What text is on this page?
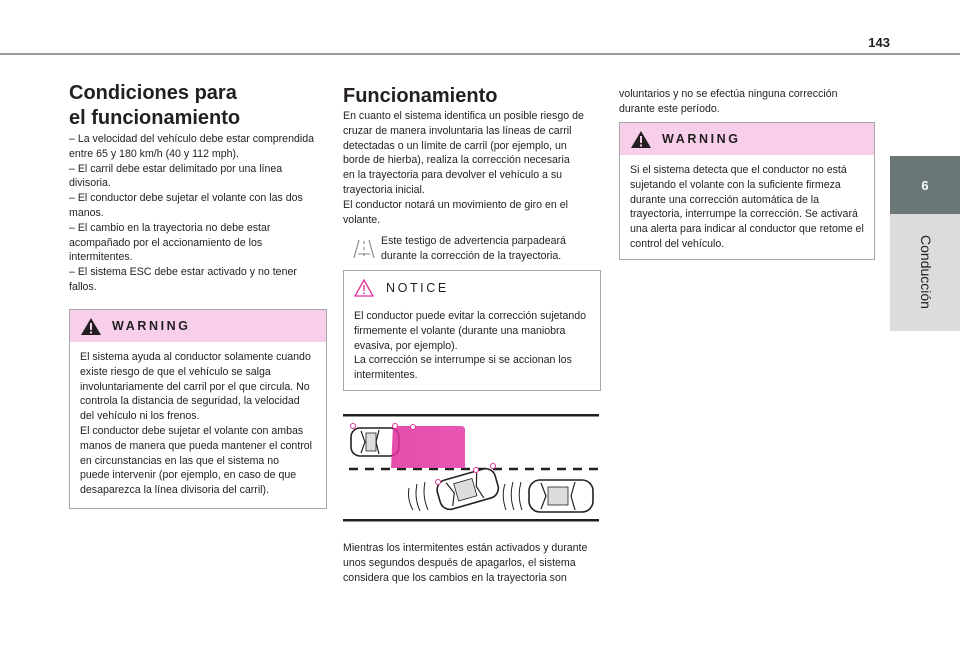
143
6
Conducción
Condiciones para el funcionamiento

– La velocidad del vehículo debe estar comprendida

entre 65 y 180 km/h (40 y 112 mph).

– El carril debe estar delimitado por una línea

divisoria.

– El conductor debe sujetar el volante con las dos

manos.

– El cambio en la trayectoria no debe estar

acompañado por el accionamiento de los

intermitentes.

– El sistema ESC debe estar activado y no tener

fallos.

WARNING

El sistema ayuda al conductor solamente cuando

existe riesgo de que el vehículo se salga

involuntariamente del carril por el que circula. No

controla la distancia de seguridad, la velocidad

del vehículo ni los frenos.

El conductor debe sujetar el volante con ambas

manos de manera que pueda mantener el control

en circunstancias en las que el sistema no

puede intervenir (por ejemplo, en caso de que

desaparezca la línea divisoria del carril).

Funcionamiento

En cuanto el sistema identifica un posible riesgo de

cruzar de manera involuntaria las líneas de carril

detectadas o un límite de carril (por ejemplo, un

borde de hierba), realiza la corrección necesaria

en la trayectoria para devolver el vehículo a su

trayectoria inicial.

El conductor notará un movimiento de giro en el

volante.

Este testigo de advertencia parpadeará
durante la corrección de la trayectoria.

NOTICE

El conductor puede evitar la corrección sujetando

firmemente el volante (durante una maniobra

evasiva, por ejemplo).

La corrección se interrumpe si se accionan los

intermitentes.

Mientras los intermitentes están activados y durante

unos segundos después de apagarlos, el sistema

considera que los cambios en la trayectoria son

voluntarios y no se efectúa ninguna corrección

durante este período.

WARNING

Si el sistema detecta que el conductor no está

sujetando el volante con la suficiente firmeza

durante una corrección automática de la

trayectoria, interrumpe la corrección. Se activará

una alerta para indicar al conductor que retome el

control del vehículo.
